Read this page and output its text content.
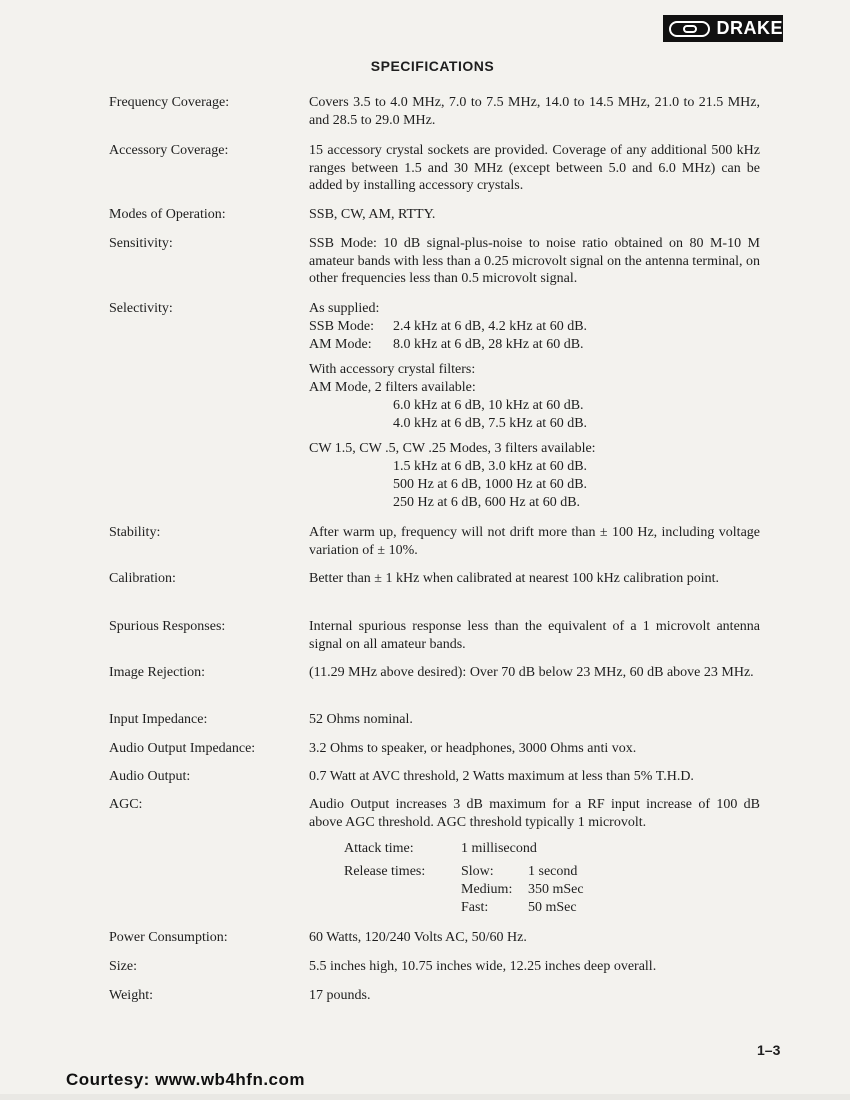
DRAKE
SPECIFICATIONS
Frequency Coverage:	Covers 3.5 to 4.0 MHz, 7.0 to 7.5 MHz, 14.0 to 14.5 MHz, 21.0 to 21.5 MHz, and 28.5 to 29.0 MHz.
Accessory Coverage:	15 accessory crystal sockets are provided. Coverage of any additional 500 kHz ranges between 1.5 and 30 MHz (except between 5.0 and 6.0 MHz) can be added by installing accessory crystals.
Modes of Operation:	SSB, CW, AM, RTTY.
Sensitivity:	SSB Mode: 10 dB signal-plus-noise to noise ratio obtained on 80 M-10 M amateur bands with less than a 0.25 microvolt signal on the antenna terminal, on other frequencies less than 0.5 microvolt signal.
Selectivity:	As supplied:
SSB Mode: 2.4 kHz at 6 dB, 4.2 kHz at 60 dB.
AM Mode: 8.0 kHz at 6 dB, 28 kHz at 60 dB.
With accessory crystal filters:
AM Mode, 2 filters available:
6.0 kHz at 6 dB, 10 kHz at 60 dB.
4.0 kHz at 6 dB, 7.5 kHz at 60 dB.
CW 1.5, CW .5, CW .25 Modes, 3 filters available:
1.5 kHz at 6 dB, 3.0 kHz at 60 dB.
500 Hz at 6 dB, 1000 Hz at 60 dB.
250 Hz at 6 dB, 600 Hz at 60 dB.
Stability:	After warm up, frequency will not drift more than ± 100 Hz, including voltage variation of ± 10%.
Calibration:	Better than ± 1 kHz when calibrated at nearest 100 kHz calibration point.
Spurious Responses:	Internal spurious response less than the equivalent of a 1 microvolt antenna signal on all amateur bands.
Image Rejection:	(11.29 MHz above desired): Over 70 dB below 23 MHz, 60 dB above 23 MHz.
Input Impedance:	52 Ohms nominal.
Audio Output Impedance:	3.2 Ohms to speaker, or headphones, 3000 Ohms anti vox.
Audio Output:	0.7 Watt at AVC threshold, 2 Watts maximum at less than 5% T.H.D.
AGC:	Audio Output increases 3 dB maximum for a RF input increase of 100 dB above AGC threshold. AGC threshold typically 1 microvolt.
Attack time:	1 millisecond
Release times:	Slow: 1 second
Medium: 350 mSec
Fast:	50 mSec
Power Consumption:	60 Watts, 120/240 Volts AC, 50/60 Hz.
Size:	5.5 inches high, 10.75 inches wide, 12.25 inches deep overall.
Weight:	17 pounds.
1–3
Courtesy: www.wb4hfn.com
